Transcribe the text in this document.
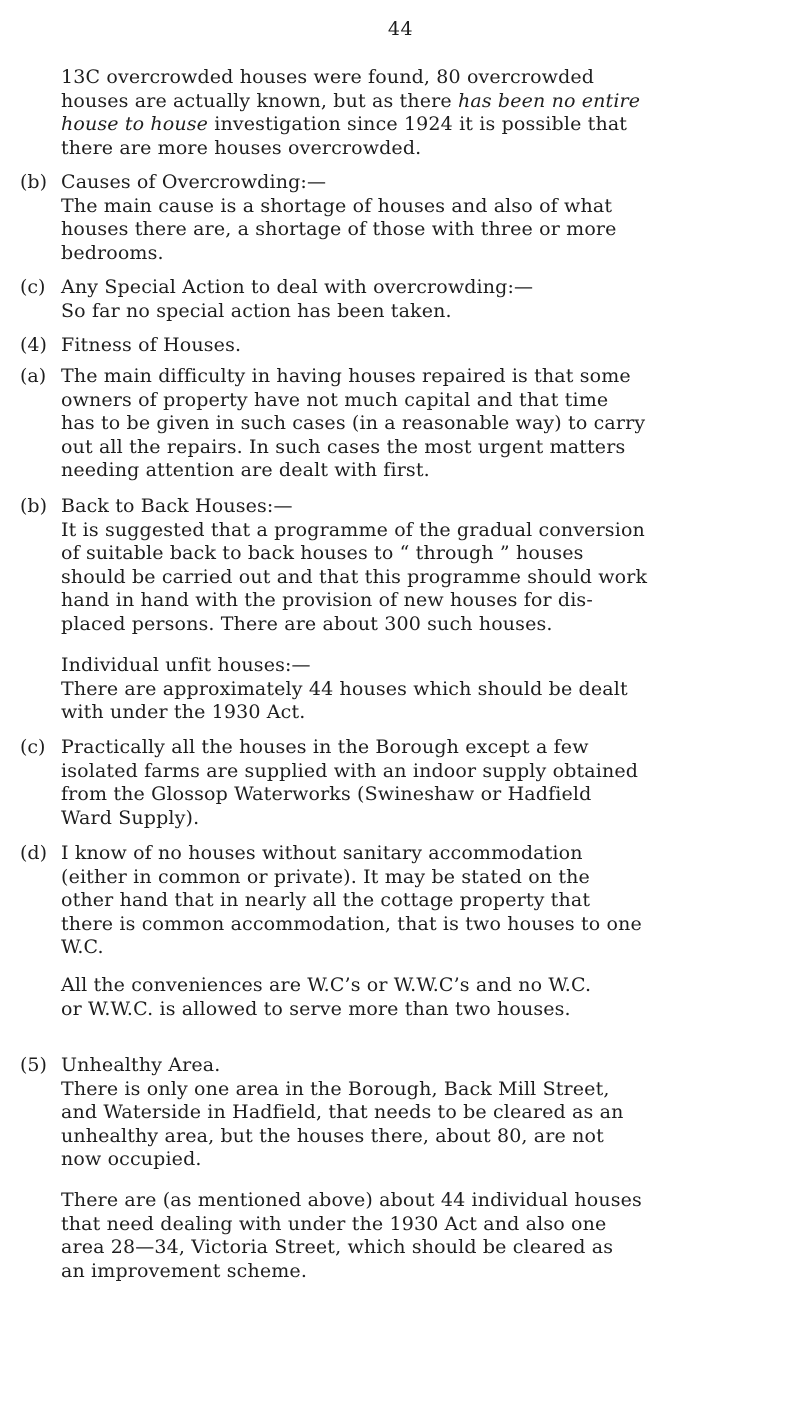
44
13C overcrowded houses were found, 80 overcrowded
houses are actually known, but as there has been no entire
house to house investigation since 1924 it is possible that
there are more houses overcrowded.
(b) Causes of Overcrowding:—
The main cause is a shortage of houses and also of what
houses there are, a shortage of those with three or more
bedrooms.
(c) Any Special Action to deal with overcrowding:—
So far no special action has been taken.
(4) Fitness of Houses.
(a) The main difficulty in having houses repaired is that some
owners of property have not much capital and that time
has to be given in such cases (in a reasonable way) to carry
out all the repairs. In such cases the most urgent matters
needing attention are dealt with first.
(b) Back to Back Houses:—
It is suggested that a programme of the gradual conversion
of suitable back to back houses to “ through ” houses
should be carried out and that this programme should work
hand in hand with the provision of new houses for dis-
placed persons. There are about 300 such houses.
Individual unfit houses:—
There are approximately 44 houses which should be dealt
with under the 1930 Act.
(c) Practically all the houses in the Borough except a few
isolated farms are supplied with an indoor supply obtained
from the Glossop Waterworks (Swineshaw or Hadfield
Ward Supply).
(d) I know of no houses without sanitary accommodation
(either in common or private). It may be stated on the
other hand that in nearly all the cottage property that
there is common accommodation, that is two houses to one
W.C.
All the conveniences are W.C’s or W.W.C’s and no W.C.
or W.W.C. is allowed to serve more than two houses.
(5) Unhealthy Area.
There is only one area in the Borough, Back Mill Street,
and Waterside in Hadfield, that needs to be cleared as an
unhealthy area, but the houses there, about 80, are not
now occupied.
There are (as mentioned above) about 44 individual houses
that need dealing with under the 1930 Act and also one
area 28—34, Victoria Street, which should be cleared as
an improvement scheme.
